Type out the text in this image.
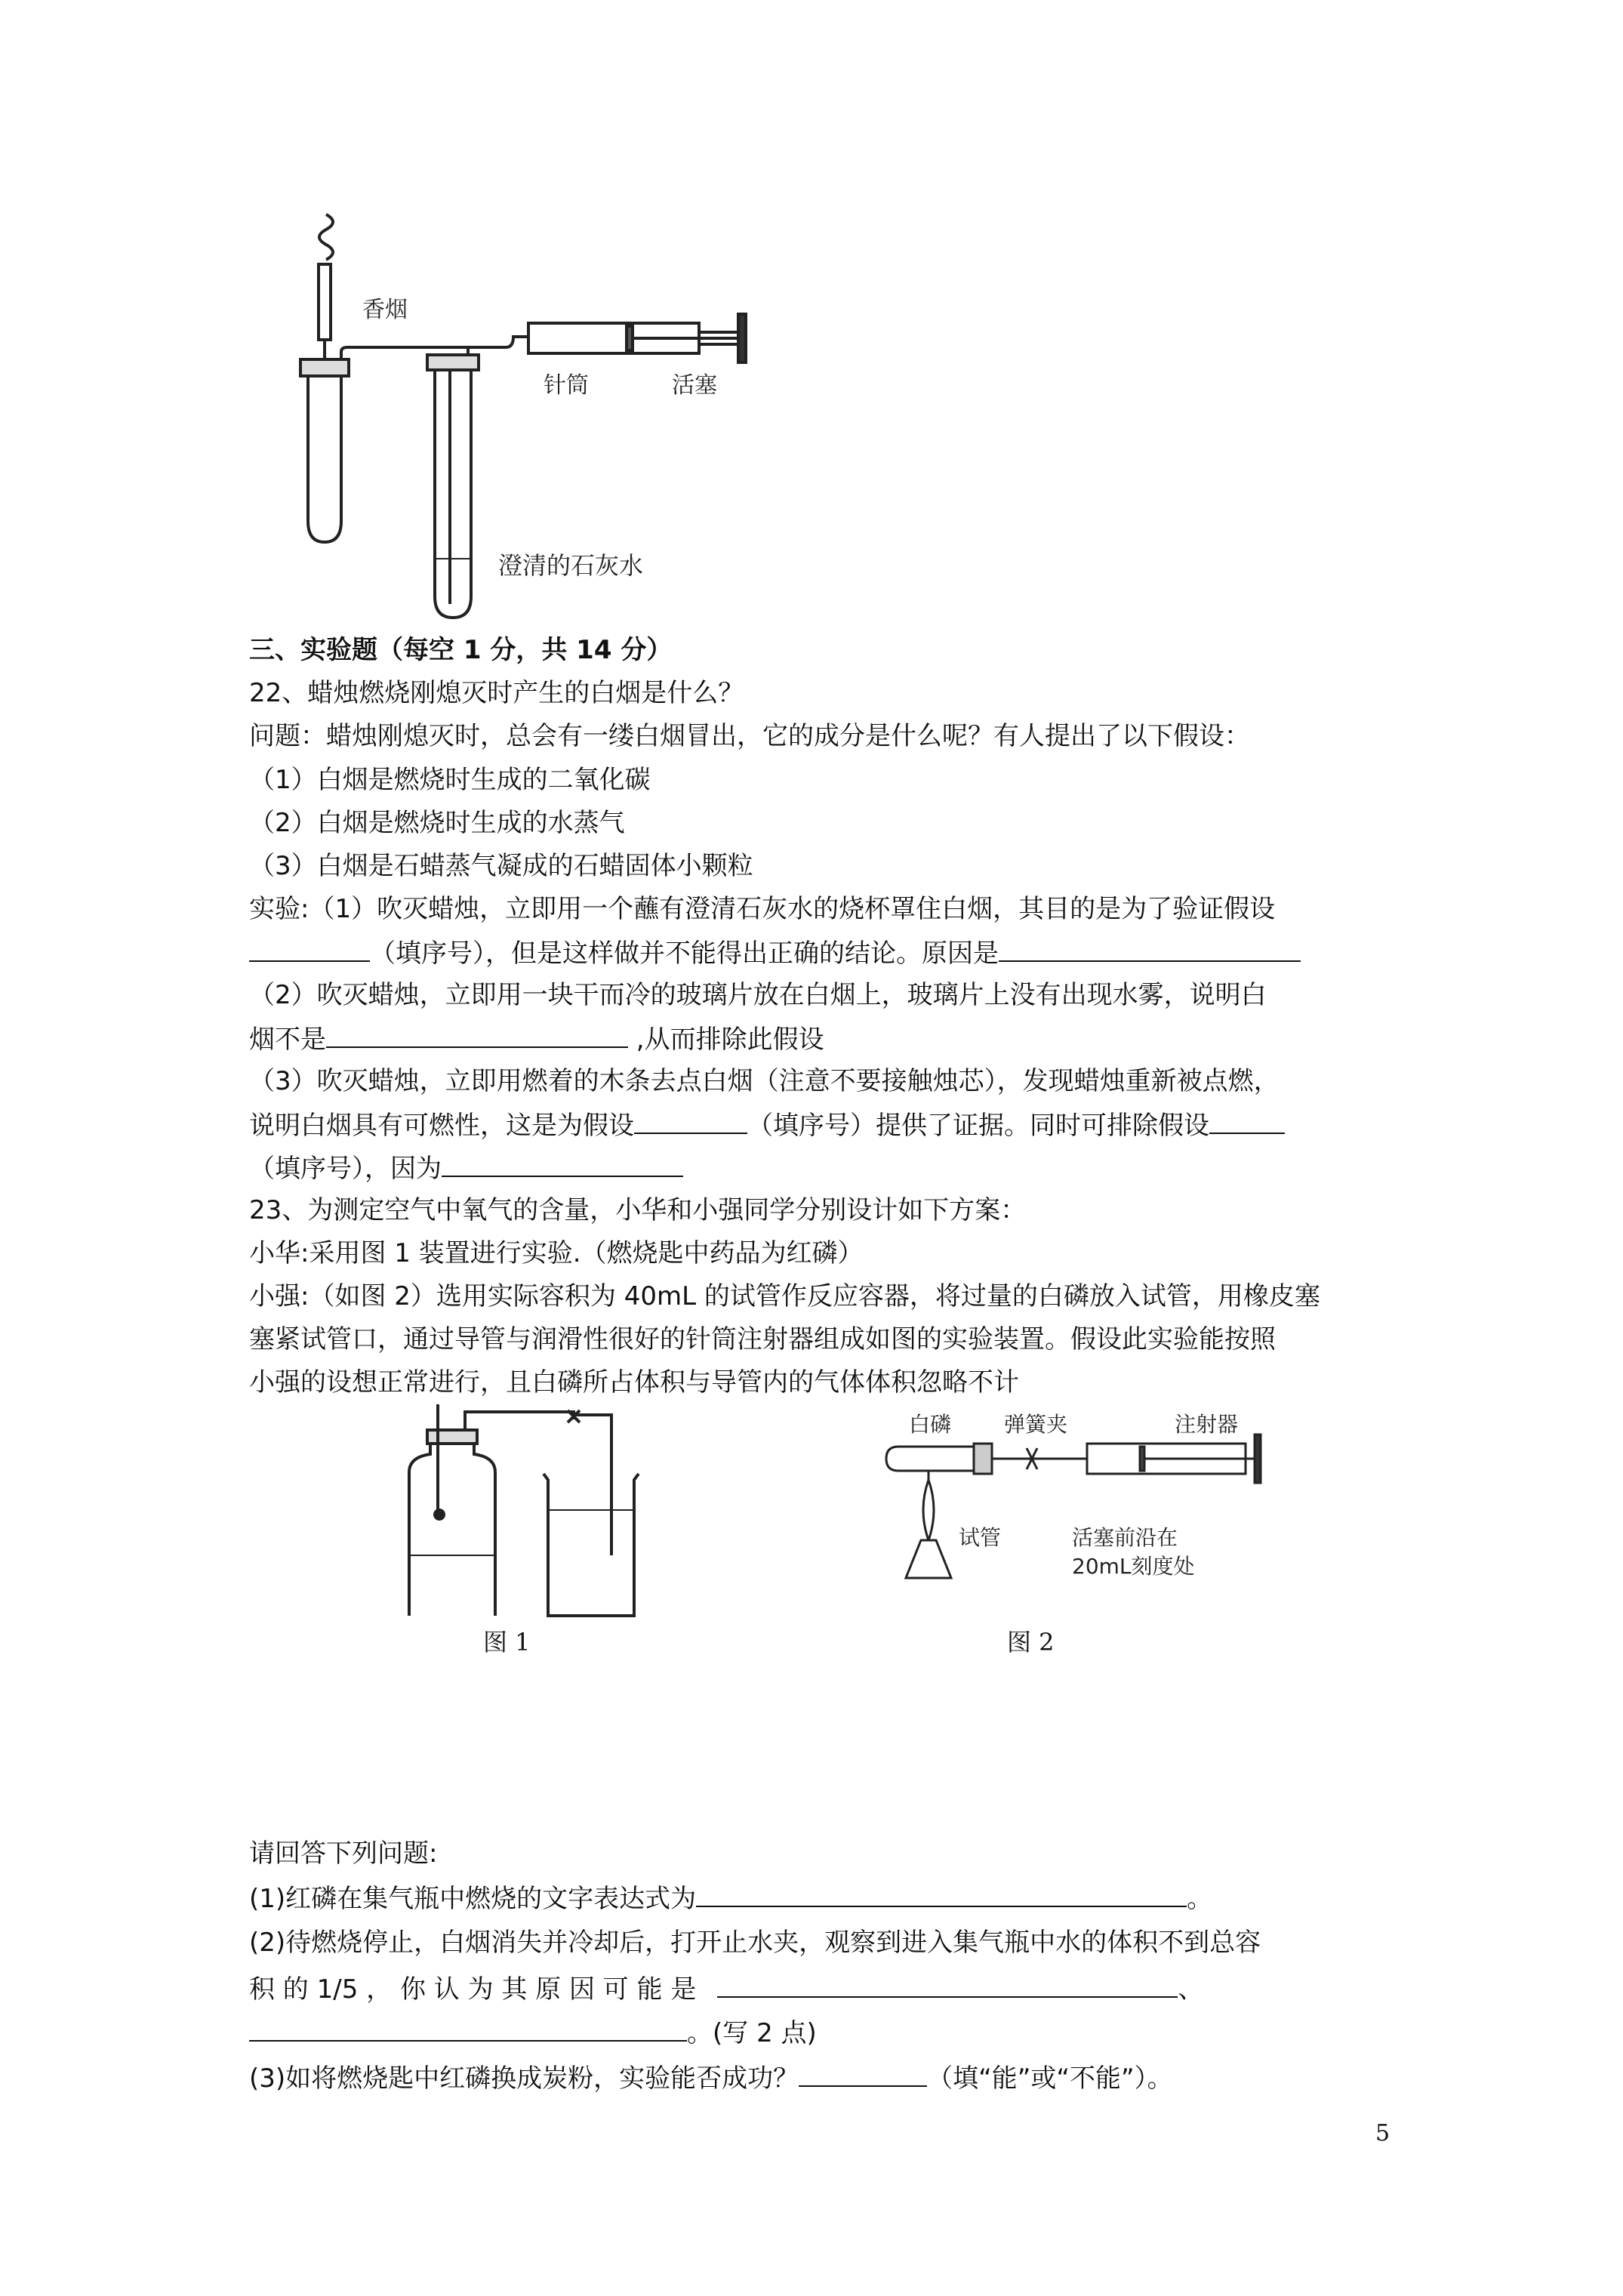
香烟
针筒	活塞
澄清的石灰水
三、实验题（每空 1 分，共 14 分）
22、蜡烛燃烧刚熄灭时产生的白烟是什么？
问题：蜡烛刚熄灭时，总会有一缕白烟冒出，它的成分是什么呢？有人提出了以下假设：
（1）白烟是燃烧时生成的二氧化碳
（2）白烟是燃烧时生成的水蒸气
（3）白烟是石蜡蒸气凝成的石蜡固体小颗粒
实验:（1）吹灭蜡烛，立即用一个蘸有澄清石灰水的烧杯罩住白烟，其目的是为了验证假设
（填序号），但是这样做并不能得出正确的结论。原因是
（2）吹灭蜡烛，立即用一块干而冷的玻璃片放在白烟上，玻璃片上没有出现水雾，说明白
烟不是	,从而排除此假设
（3）吹灭蜡烛，立即用燃着的木条去点白烟（注意不要接触烛芯），发现蜡烛重新被点燃，
说明白烟具有可燃性，这是为假设	（填序号）提供了证据。同时可排除假设
（填序号），因为
23、为测定空气中氧气的含量，小华和小强同学分别设计如下方案：
小华:采用图 1 装置进行实验.（燃烧匙中药品为红磷）
小强:（如图 2）选用实际容积为 40mL 的试管作反应容器，将过量的白磷放入试管，用橡皮塞
塞紧试管口，通过导管与润滑性很好的针筒注射器组成如图的实验装置。假设此实验能按照
小强的设想正常进行，且白磷所占体积与导管内的气体体积忽略不计
白磷 弹簧夹	注射器
试管	活塞前沿在
20mL刻度处
图 1	图 2
请回答下列问题:
(1)红磷在集气瓶中燃烧的文字表达式为	。
(2)待燃烧停止，白烟消失并冷却后，打开止水夹，观察到进入集气瓶中水的体积不到总容
积 的 1/5 ， 你 认 为 其 原 因 可 能 是	、
。(写 2 点)
(3)如将燃烧匙中红磷换成炭粉，实验能否成功？	（填“能”或“不能”）。
5
